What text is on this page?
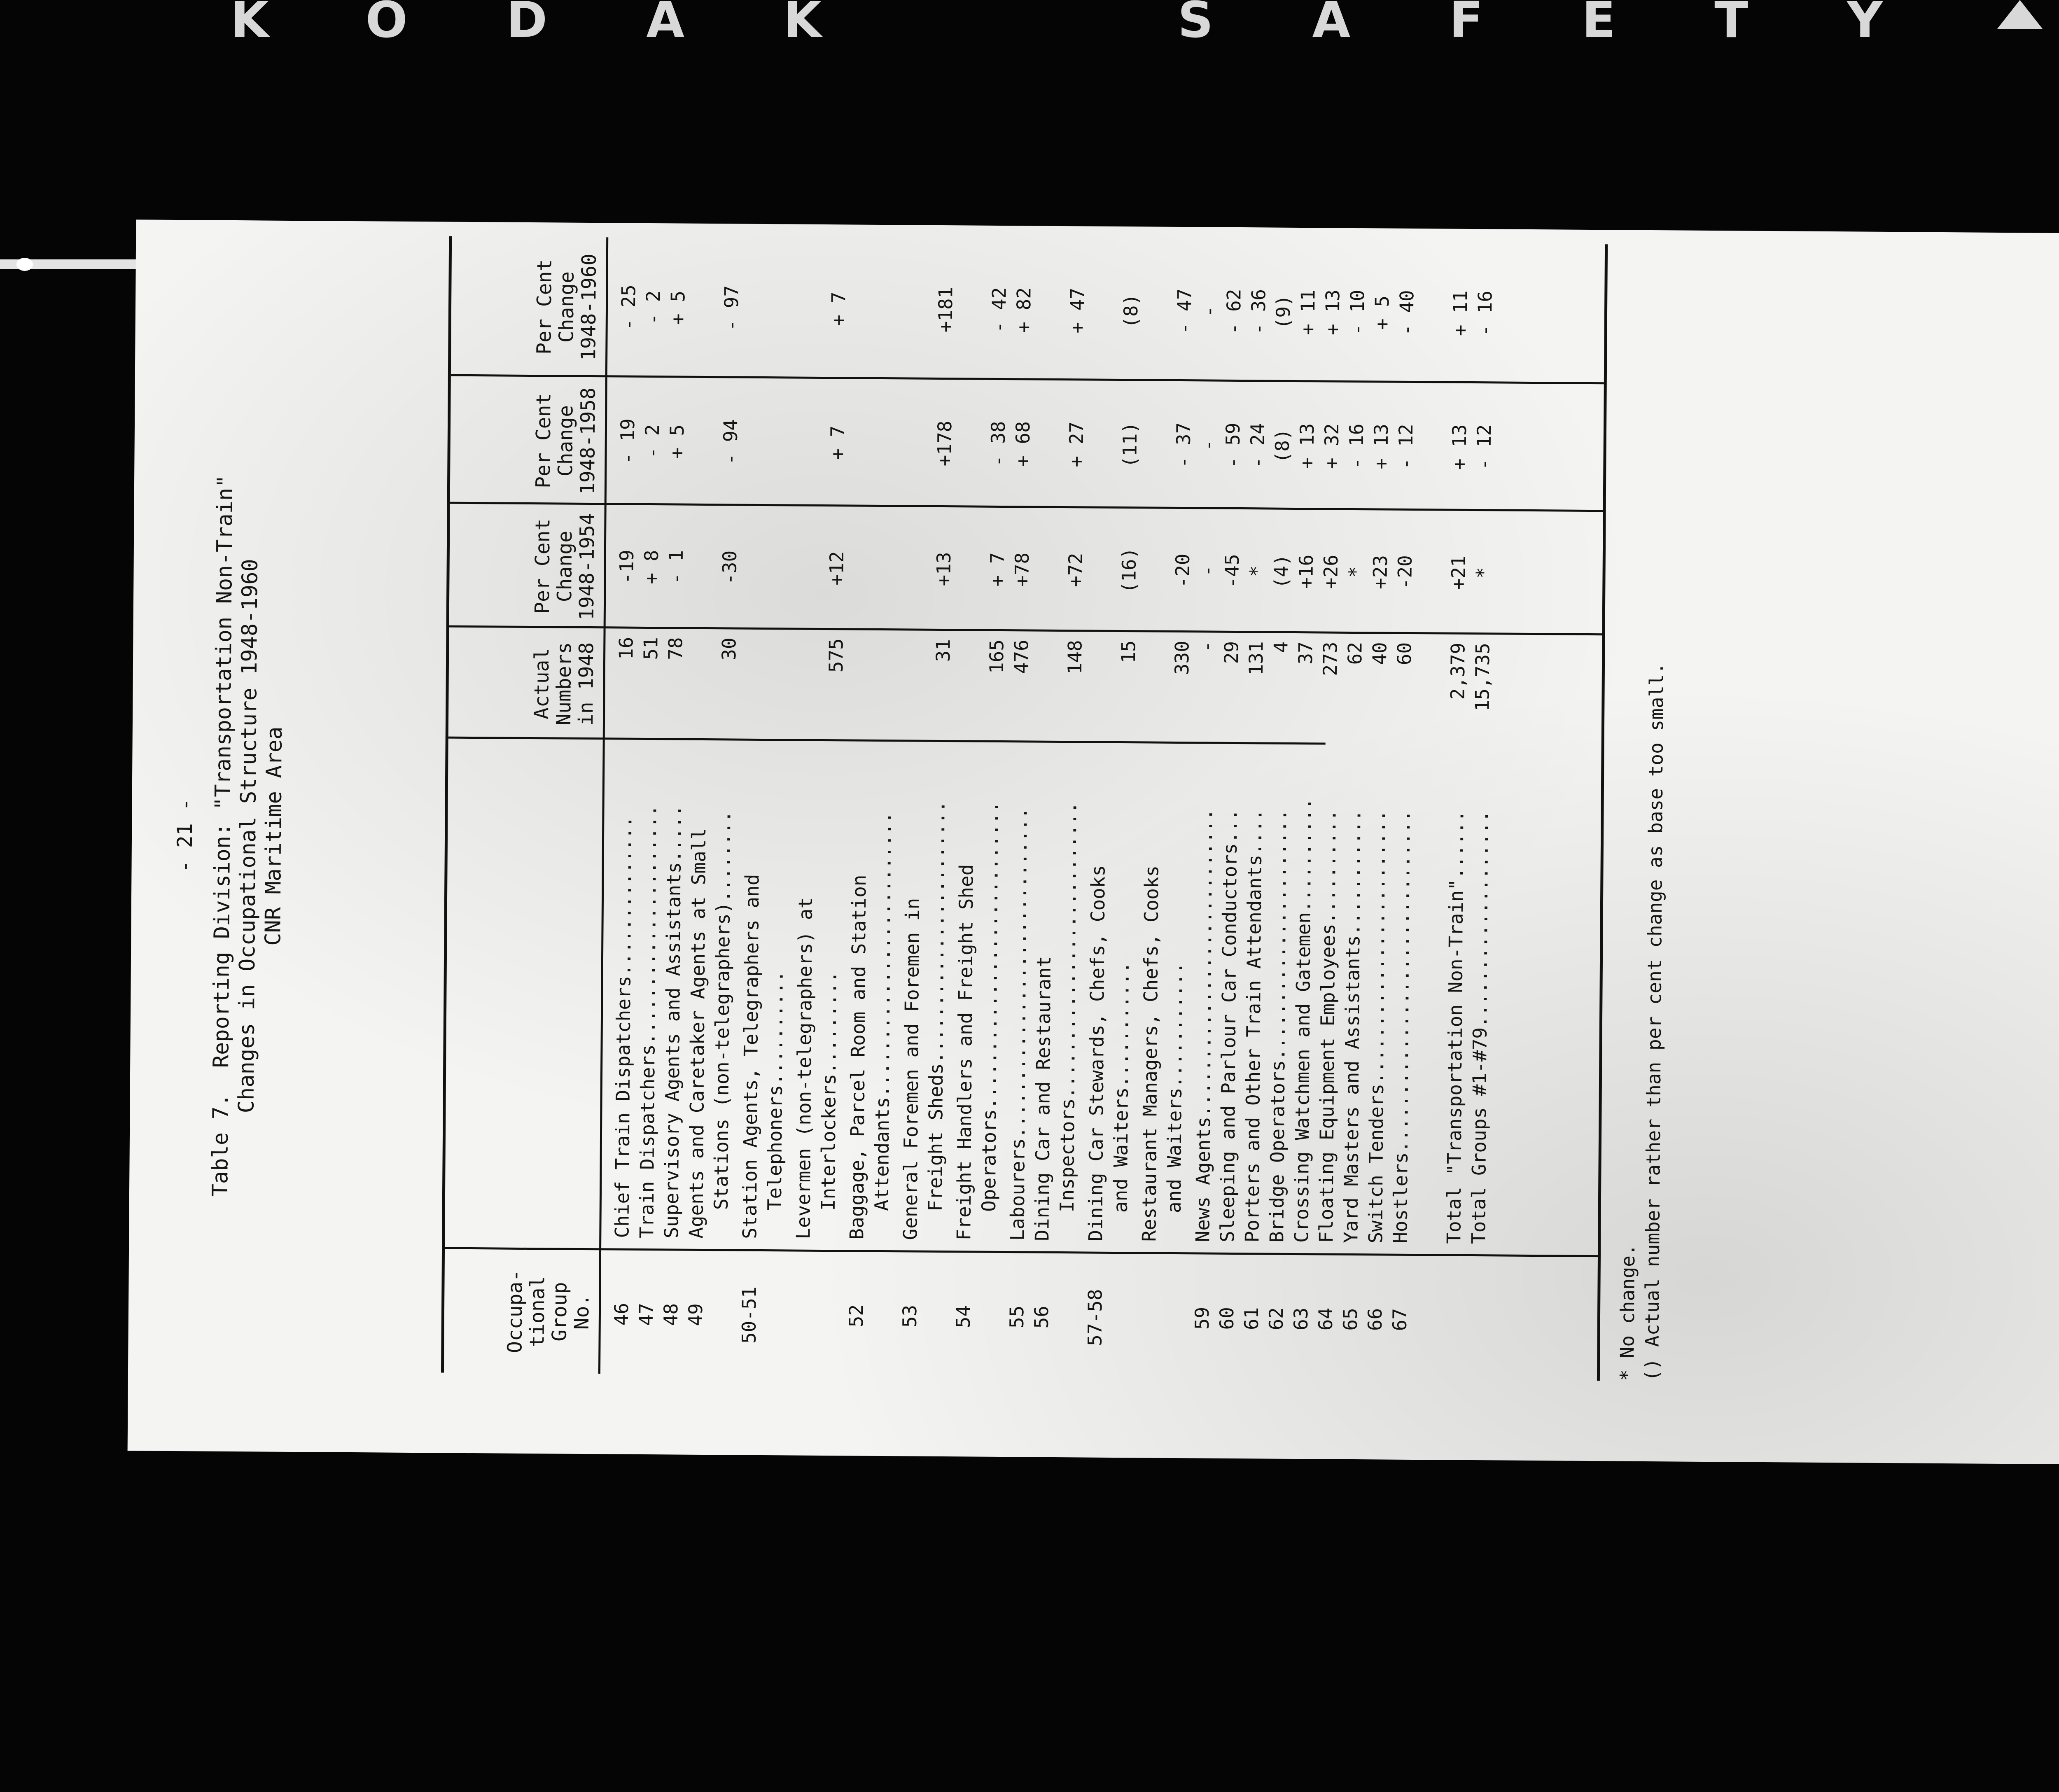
KODAK	SAFETY
- 21 - Table 7.  Reporting Division: "Transportation Non-Train"
Changes in Occupational Structure 1948-1960
CNR Maritime Area
Occupa-
tional
Group
No.
Actual
Numbers
in 1948
Per Cent
Change
1948-1954
Per Cent
Change
1948-1958
Per Cent
Change
1948-1960
46
Chief Train Dispatchers..............
16
-19
- 19
- 25
47
Train Dispatchers.....................
51
+ 8
- 2
- 2
48
Supervisory Agents and Assistants.....
78
- 1
+ 5
+ 5
49
Agents and Caretaker Agents at Small Stations (non-telegraphers)........
30
-30
- 94
- 97
50-51
Station Agents, Telegraphers and Telephoners.......... Levermen (non-telegraphers) at Interlockers.........
575
+12
+ 7
+ 7
52
Baggage, Parcel Room and Station Attendants.........................
53
General Foremen and Foremen in Freight Sheds.......................
31
+13
+178
+181
54
Freight Handlers and Freight Shed Operators...........................
165
+ 7
- 38
- 42
55
Labourers.............................
476
+78
+ 68
+ 82
56
Dining Car and Restaurant Inspectors..........................
148
+72
+ 27
+ 47
57-58
Dining Car Stewards, Chefs, Cooks and Waiters...........
15
(16)
(11)
(8)
Restaurant Managers, Chefs, Cooks and Waiters...........
330
-20
- 37
- 47
59
News Agents...........................
-
-
-
-
60
Sleeping and Parlour Car Conductors...
29
-45
- 59
- 62
61
Porters and Other Train Attendants....
131
*
- 24
- 36
62
Bridge Operators......................
4
(4)
(8)
(9)
63
Crossing Watchmen and Gatemen..........
37
+16
+ 13
+ 11
64
Floating Equipment Employees..........
273
+26
+ 32
+ 13
65
Yard Masters and Assistants...........
62
*
- 16
- 10
66
Switch Tenders........................
40
+23
+ 13
+ 5
67
Hostlers..............................
60
-20
- 12
- 40
Total "Transportation Non-Train"......
2,379
+21
+ 13
+ 11
Total Groups #1-#79...................
15,735
*
- 12
- 16
* No change. () Actual number rather than per cent change as base too small.
